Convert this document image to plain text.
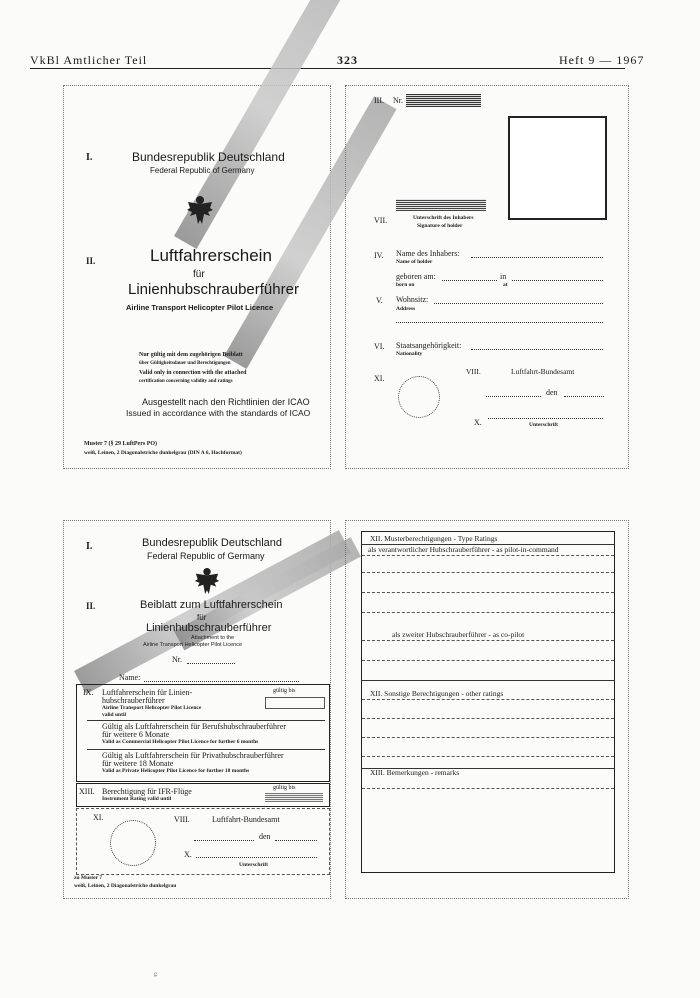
VkBl Amtlicher Teil	323	Heft 9 — 1967
I.	Bundesrepublik Deutschland
Federal Republic of Germany
II.	Luftfahrerschein
für
Linienhubschrauberführer
Airline Transport Helicopter Pilot Licence
Nur gültig mit dem zugehörigen Beiblatt
über Gültigkeitsdauer und Berechtigungen
Valid only in connection with the attached
certification concerning validity and ratings
Ausgestellt nach den Richtlinien der ICAO
Issued in accordance with the standards of ICAO
Muster 7 (§ 29 LuftPers PO)
weiß, Leinen, 2 Diagonalstriche dunkelgrau (DIN A 6, Hochformat)
III. Nr.
VII.	Unterschrift des Inhabers
Signature of holder
IV. Name des Inhabers:
Name of holder
geboren am:	in
born on	at
V. Wohnsitz:
Address
VI. Staatsangehörigkeit:
Nationality
XI.
VIII.	Luftfahrt-Bundesamt
den
X.	Unterschrift
I.	Bundesrepublik Deutschland
Federal Republic of Germany
II.	Beiblatt zum Luftfahrerschein
für
Linienhubschrauberführer
Attachment to the
Airline Transport Helicopter Pilot Licence
Nr.
Name:
IX. Luftfahrerschein für Linien-
hubschrauberführer
Airline Transport Helicopter Pilot Licence
valid until
gültig bis
Gültig als Luftfahrerschein für Berufshubschrauberführer
für weitere 6 Monate
Valid as Commercial Helicopter Pilot Licence for further 6 months
Gültig als Luftfahrerschein für Privathubschrauberführer
für weitere 18 Monate
Valid as Private Helicopter Pilot Licence for further 18 months
XIII. Berechtigung für IFR-Flüge
Instrument Rating valid until
gültig bis
XI.	VIII.	Luftfahrt-Bundesamt
den
X.
Unterschrift
zu Muster 7
weiß, Leinen, 2 Diagonalstriche dunkelgrau
XII. Musterberechtigungen - Type Ratings
als verantwortlicher Hubschrauberführer - as pilot-in-command
als zweiter Hubschrauberführer - as co-pilot
XII. Sonstige Berechtigungen - other ratings
XIII. Bemerkungen - remarks
ᵍ
